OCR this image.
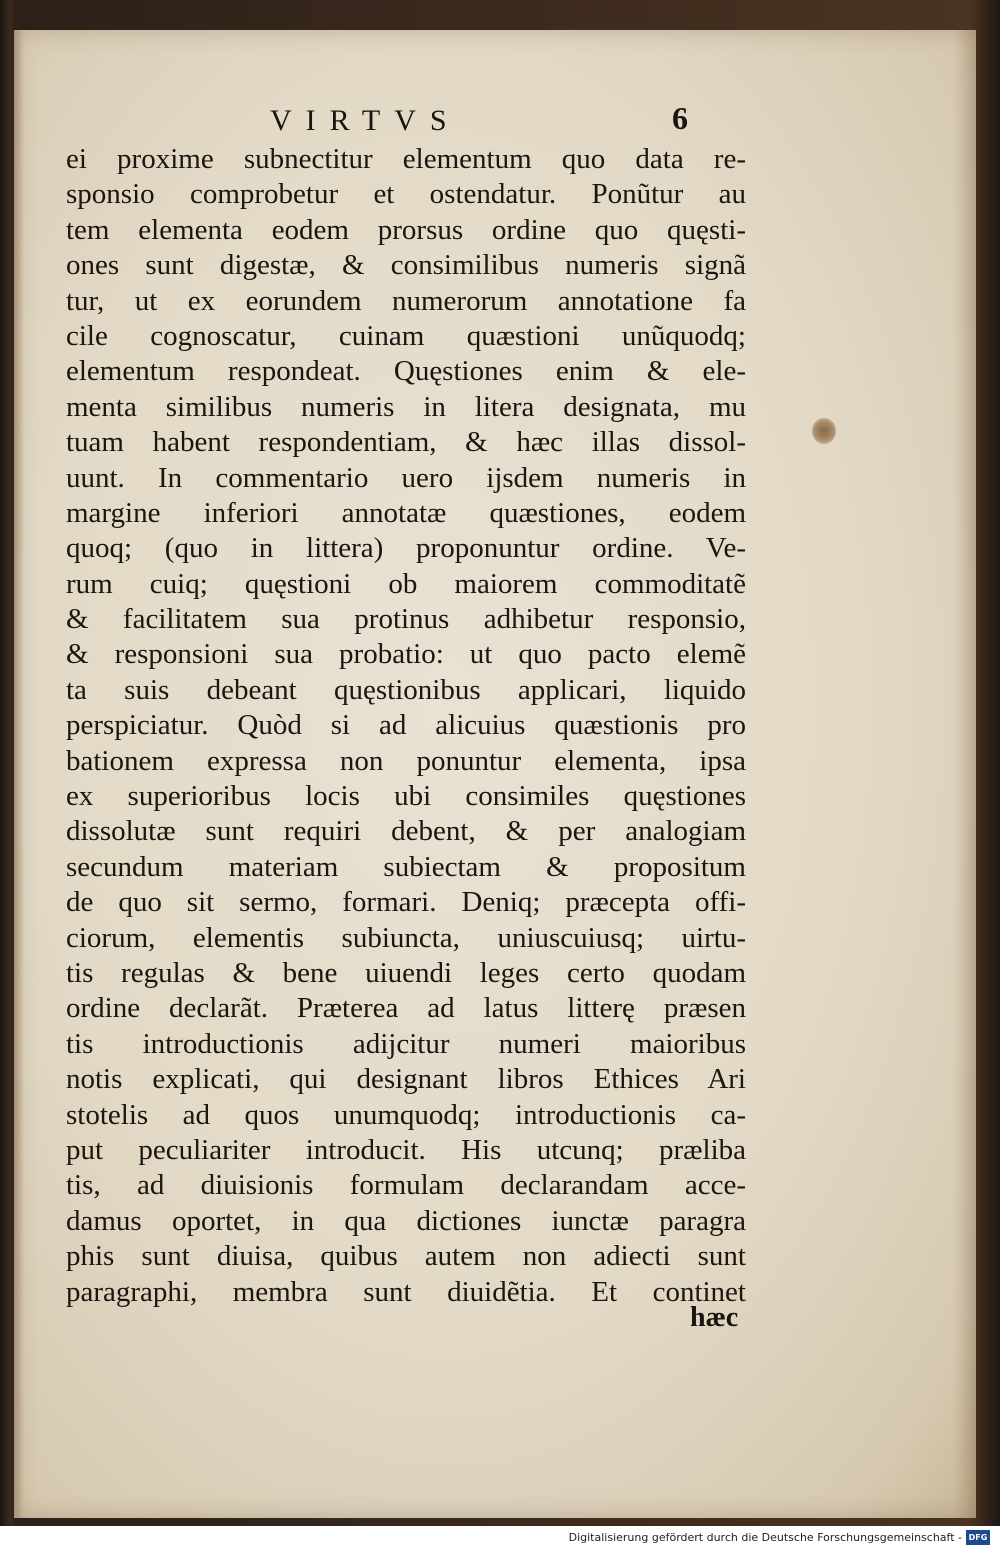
VIRTVS	6
ei proxime subnectitur elementum quo data re-
sponsio comprobetur et ostendatur. Ponũtur au
tem elementa eodem prorsus ordine quo quęsti-
ones sunt digestæ, & consimilibus numeris signã
tur, ut ex eorundem numerorum annotatione fa
cile cognoscatur, cuinam quæstioni unũquodq;
elementum respondeat. Quęstiones enim & ele-
menta similibus numeris in litera designata, mu
tuam habent respondentiam, & hæc illas dissol-
uunt. In commentario uero ijsdem numeris in
margine inferiori annotatæ quæstiones, eodem
quoq; (quo in littera) proponuntur ordine. Ve-
rum cuiq; quęstioni ob maiorem commoditatẽ
& facilitatem sua protinus adhibetur responsio,
& responsioni sua probatio: ut quo pacto elemẽ
ta suis debeant quęstionibus applicari, liquido
perspiciatur. Quòd si ad alicuius quæstionis pro
bationem expressa non ponuntur elementa, ipsa
ex superioribus locis ubi consimiles quęstiones
dissolutæ sunt requiri debent, & per analogiam
secundum materiam subiectam & propositum
de quo sit sermo, formari. Deniq; præcepta offi-
ciorum, elementis subiuncta, uniuscuiusq; uirtu-
tis regulas & bene uiuendi leges certo quodam
ordine declarãt. Præterea ad latus litterę præsen
tis introductionis adijcitur numeri maioribus
notis explicati, qui designant libros Ethices Ari
stotelis ad quos unumquodq; introductionis ca-
put peculiariter introducit. His utcunq; prælibа
tis, ad diuisionis formulam declarandam acce-
damus oportet, in qua dictiones iunctæ paragra
phis sunt diuisa, quibus autem non adiecti sunt
paragraphi, membra sunt diuidẽtia. Et continet
hæc
Digitalisierung gefördert durch die Deutsche Forschungsgemeinschaft - DFG
